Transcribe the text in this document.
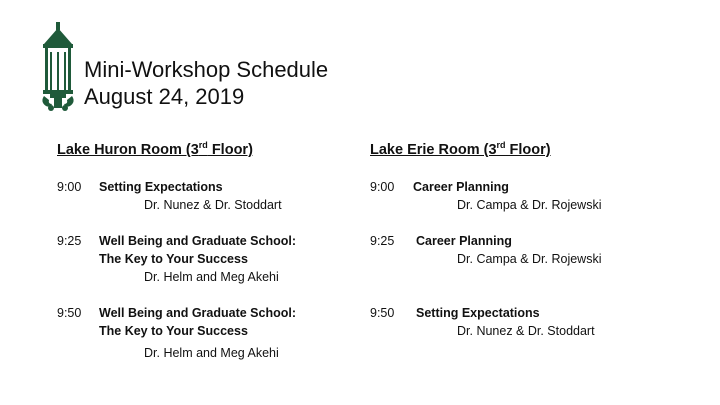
Mini-Workshop Schedule
August 24, 2019
Lake Huron Room (3rd Floor)
9:00 Setting Expectations
Dr. Nunez & Dr. Stoddart
9:25 Well Being and Graduate School:
The Key to Your Success
Dr. Helm and Meg Akehi
9:50 Well Being and Graduate School:
The Key to Your Success
Dr. Helm and Meg Akehi
Lake Erie Room (3rd Floor)
9:00 Career Planning
Dr. Campa & Dr. Rojewski
9:25 Career Planning
Dr. Campa & Dr. Rojewski
9:50 Setting Expectations
Dr. Nunez & Dr. Stoddart
